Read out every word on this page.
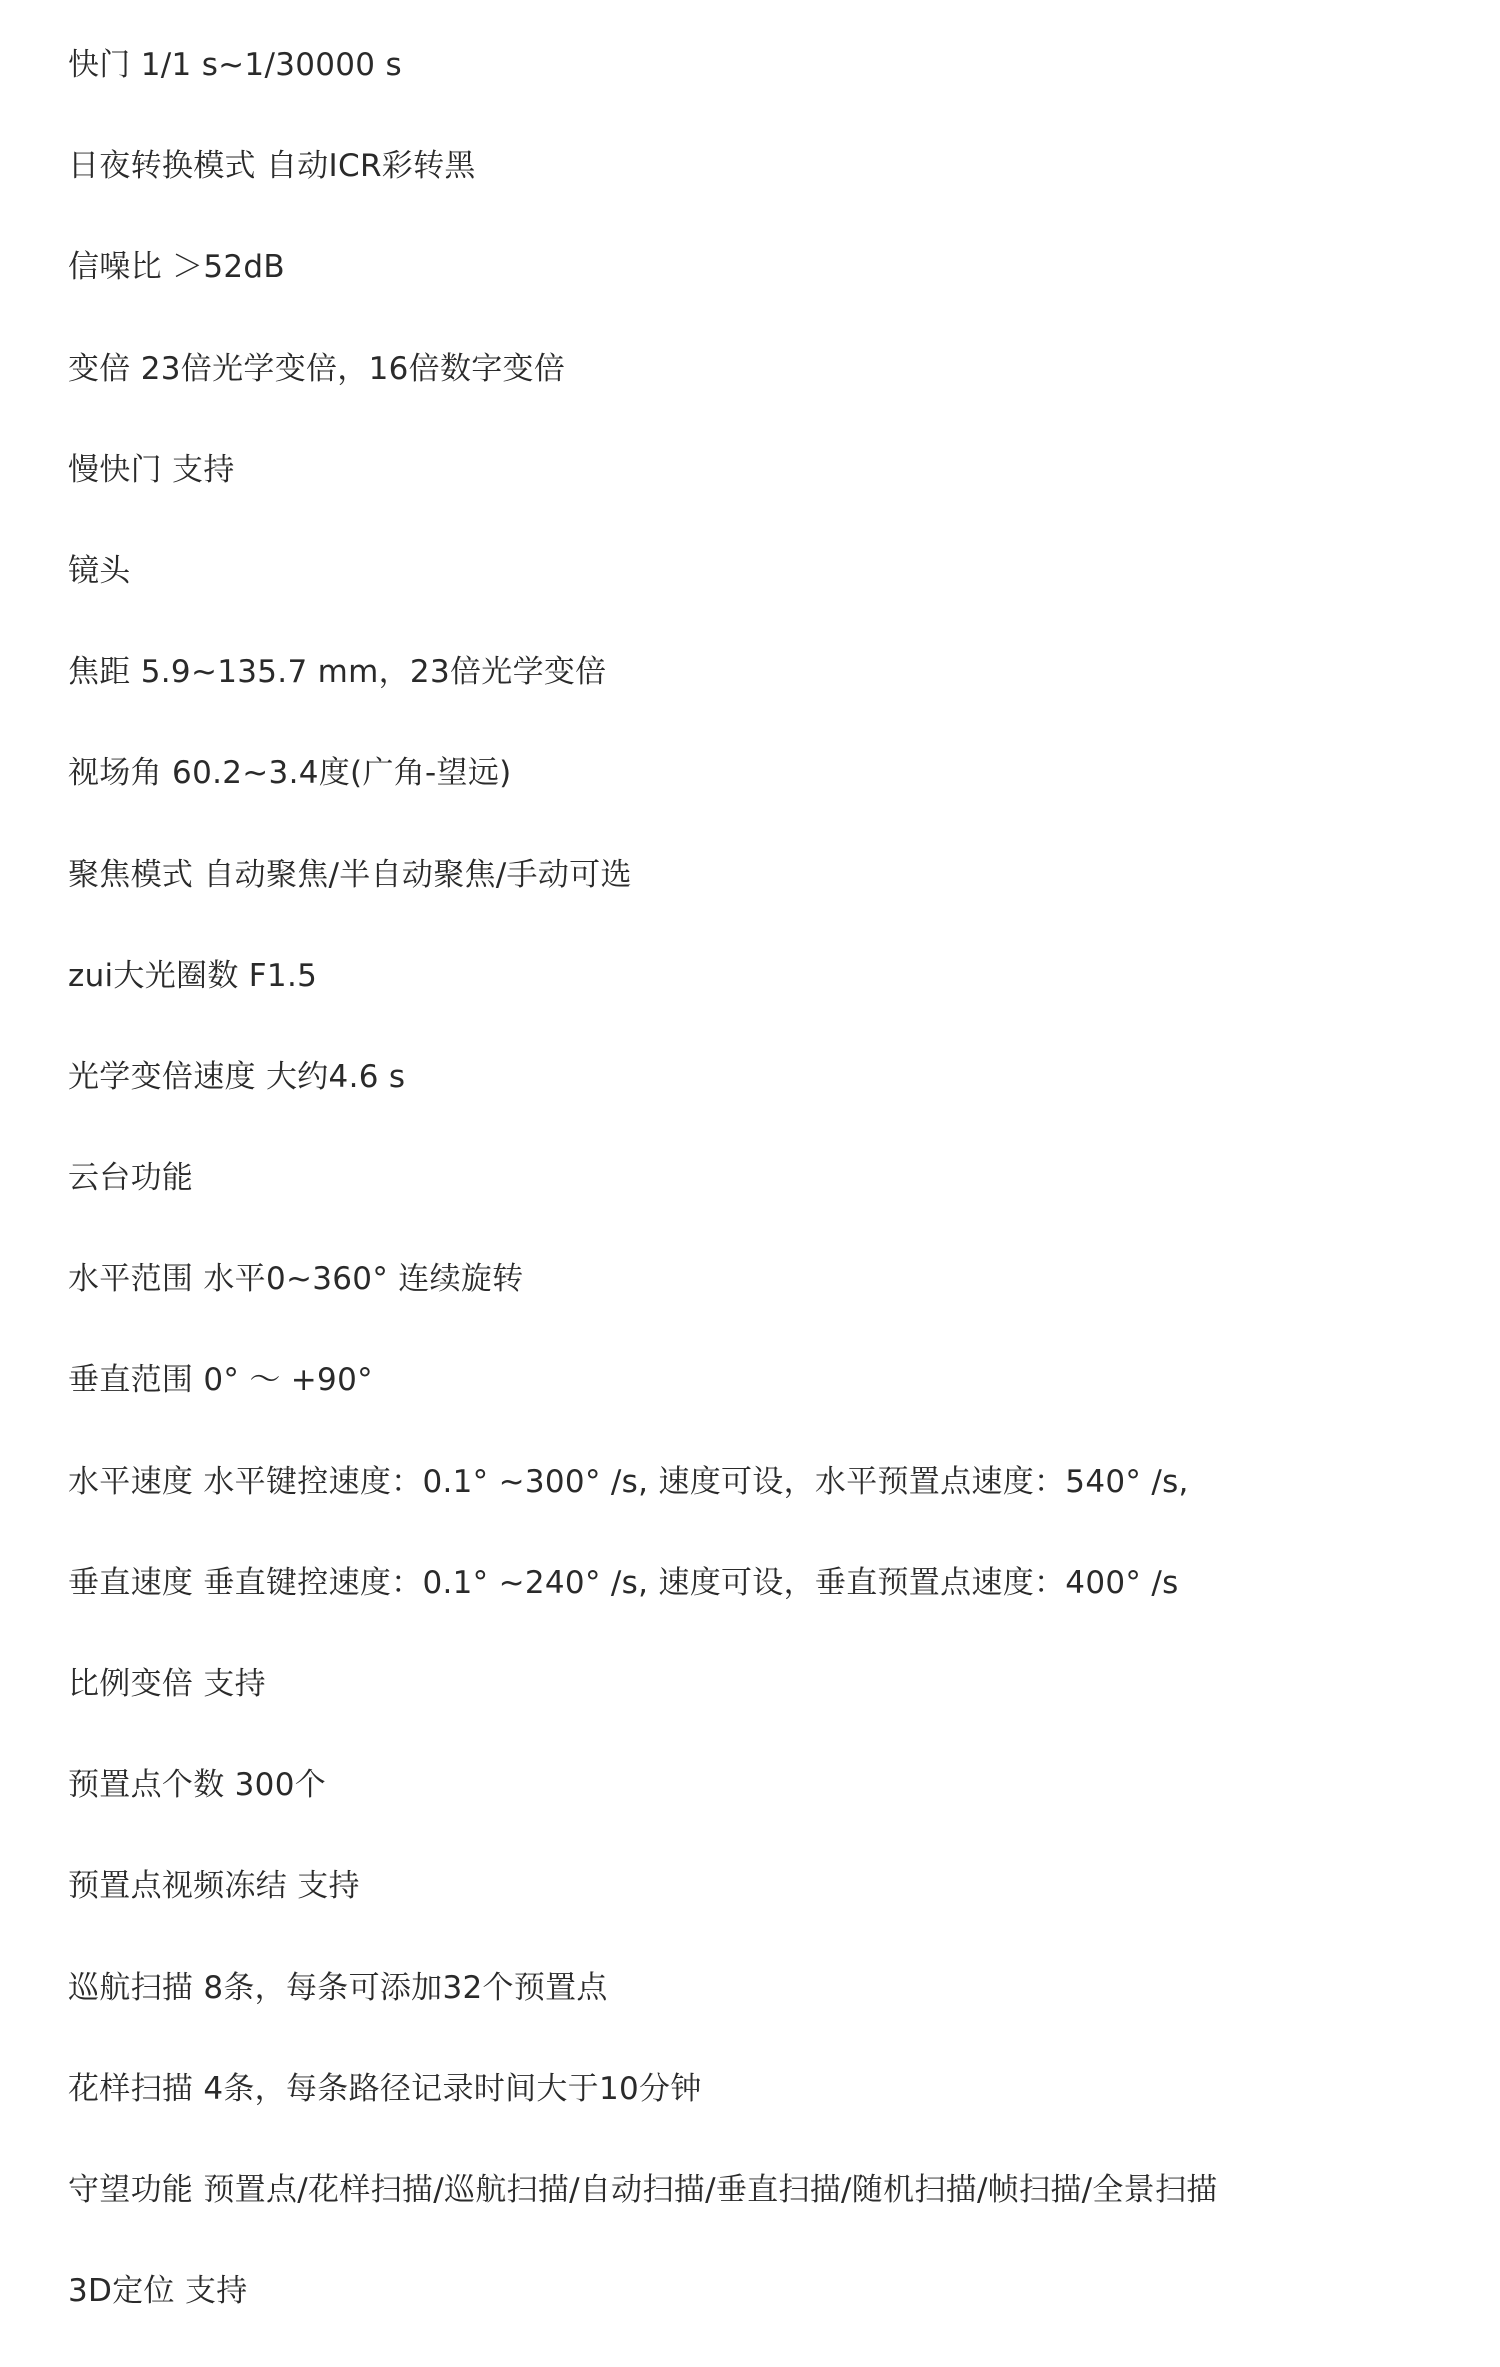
快门 1/1 s~1/30000 s

日夜转换模式 自动ICR彩转黑

信噪比 ＞52dB

变倍 23倍光学变倍，16倍数字变倍

慢快门 支持

镜头

焦距 5.9~135.7 mm，23倍光学变倍

视场角 60.2~3.4度(广角-望远)

聚焦模式 自动聚焦/半自动聚焦/手动可选

zui大光圈数 F1.5

光学变倍速度 大约4.6 s

云台功能

水平范围 水平0~360° 连续旋转

垂直范围 0° ～ +90°

水平速度 水平键控速度：0.1° ~300° /s, 速度可设，水平预置点速度：540° /s,

垂直速度 垂直键控速度：0.1° ~240° /s, 速度可设，垂直预置点速度：400° /s

比例变倍 支持

预置点个数 300个

预置点视频冻结 支持

巡航扫描 8条，每条可添加32个预置点

花样扫描 4条，每条路径记录时间大于10分钟

守望功能 预置点/花样扫描/巡航扫描/自动扫描/垂直扫描/随机扫描/帧扫描/全景扫描

3D定位 支持
